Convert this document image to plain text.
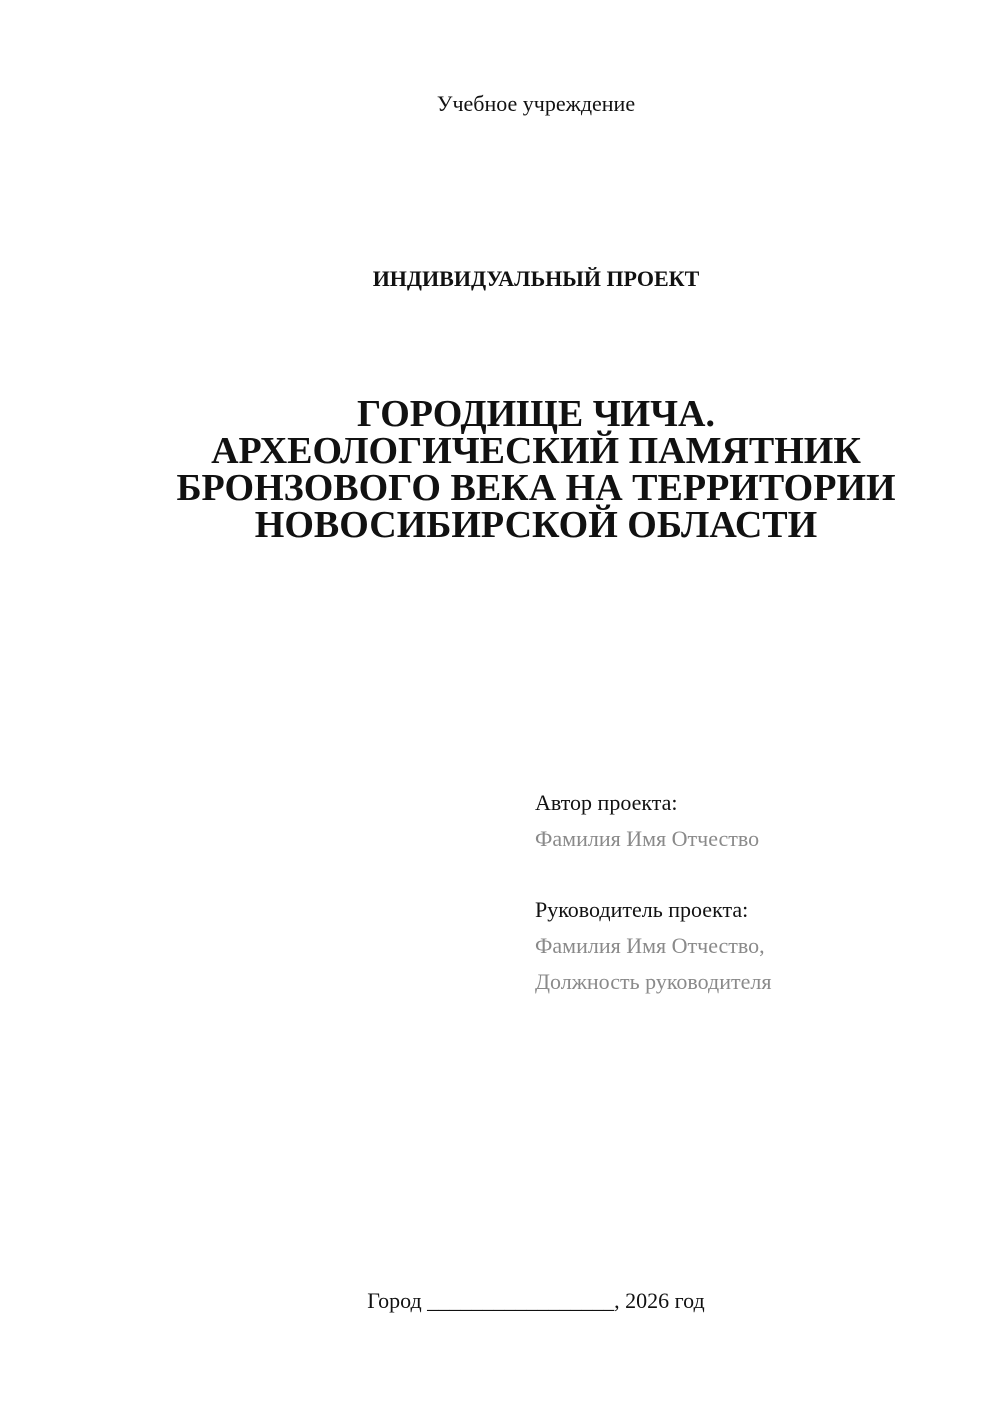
Учебное учреждение
ИНДИВИДУАЛЬНЫЙ ПРОЕКТ
ГОРОДИЩЕ ЧИЧА.
АРХЕОЛОГИЧЕСКИЙ ПАМЯТНИК
БРОНЗОВОГО ВЕКА НА ТЕРРИТОРИИ
НОВОСИБИРСКОЙ ОБЛАСТИ
Автор проекта:
Фамилия Имя Отчество
Руководитель проекта:
Фамилия Имя Отчество,
Должность руководителя
Город _________________, 2026 год
